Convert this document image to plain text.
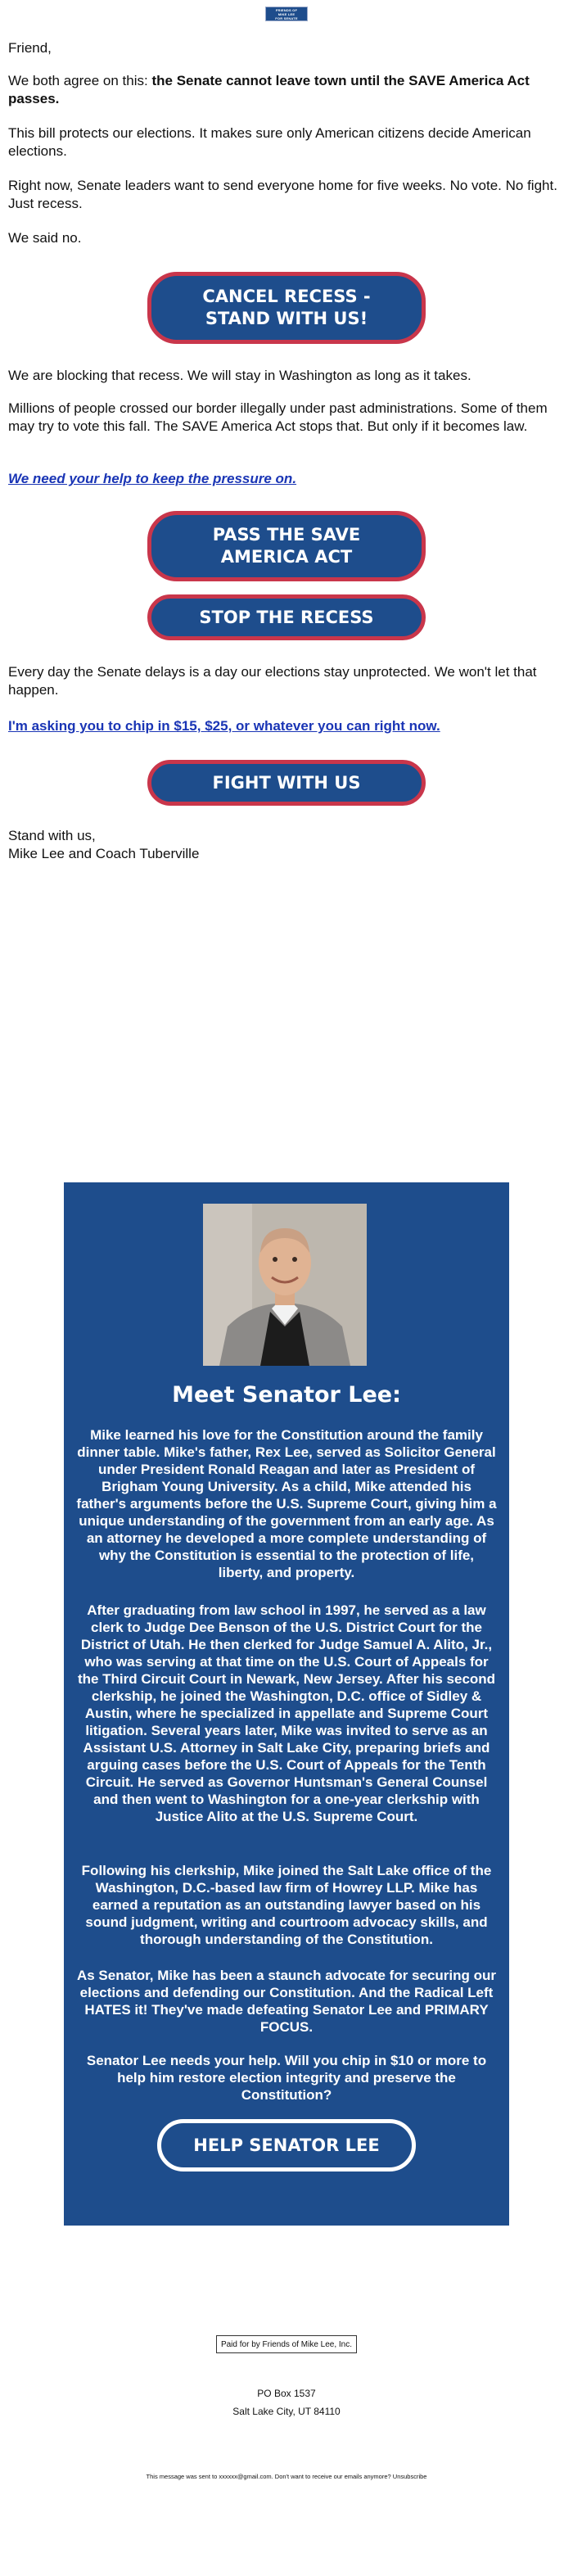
FRIENDS OF
MIKE LEE
FOR SENATE

Friend,

We both agree on this: the Senate cannot leave town until the SAVE America Act passes.

This bill protects our elections. It makes sure only American citizens decide American elections.

Right now, Senate leaders want to send everyone home for five weeks. No vote. No fight. Just recess.

We said no.

CANCEL RECESS - STAND WITH US!

We are blocking that recess. We will stay in Washington as long as it takes.

Millions of people crossed our border illegally under past administrations. Some of them may try to vote this fall. The SAVE America Act stops that. But only if it becomes law.

We need your help to keep the pressure on.

PASS THE SAVE AMERICA ACT
STOP THE RECESS

Every day the Senate delays is a day our elections stay unprotected. We won't let that happen.

I'm asking you to chip in $15, $25, or whatever you can right now.

FIGHT WITH US

Stand with us,

Mike Lee and Coach Tuberville

Meet Senator Lee:

Mike learned his love for the Constitution around the family dinner table. Mike's father, Rex Lee, served as Solicitor General under President Ronald Reagan and later as President of Brigham Young University. As a child, Mike attended his father's arguments before the U.S. Supreme Court, giving him a unique understanding of the government from an early age. As an attorney he developed a more complete understanding of why the Constitution is essential to the protection of life, liberty, and property.

After graduating from law school in 1997, he served as a law clerk to Judge Dee Benson of the U.S. District Court for the District of Utah. He then clerked for Judge Samuel A. Alito, Jr., who was serving at that time on the U.S. Court of Appeals for the Third Circuit Court in Newark, New Jersey. After his second clerkship, he joined the Washington, D.C. office of Sidley & Austin, where he specialized in appellate and Supreme Court litigation. Several years later, Mike was invited to serve as an Assistant U.S. Attorney in Salt Lake City, preparing briefs and arguing cases before the U.S. Court of Appeals for the Tenth Circuit. He served as Governor Huntsman's General Counsel and then went to Washington for a one-year clerkship with Justice Alito at the U.S. Supreme Court.

Following his clerkship, Mike joined the Salt Lake office of the Washington, D.C.-based law firm of Howrey LLP. Mike has earned a reputation as an outstanding lawyer based on his sound judgment, writing and courtroom advocacy skills, and thorough understanding of the Constitution.

As Senator, Mike has been a staunch advocate for securing our elections and defending our Constitution. And the Radical Left HATES it! They've made defeating Senator Lee and PRIMARY FOCUS.

Senator Lee needs your help. Will you chip in $10 or more to help him restore election integrity and preserve the Constitution?

HELP SENATOR LEE
Paid for by Friends of Mike Lee, Inc.
PO Box 1537
Salt Lake City, UT 84110
This message was sent to xxxxxx@gmail.com. Don't want to receive our emails anymore? Unsubscribe
